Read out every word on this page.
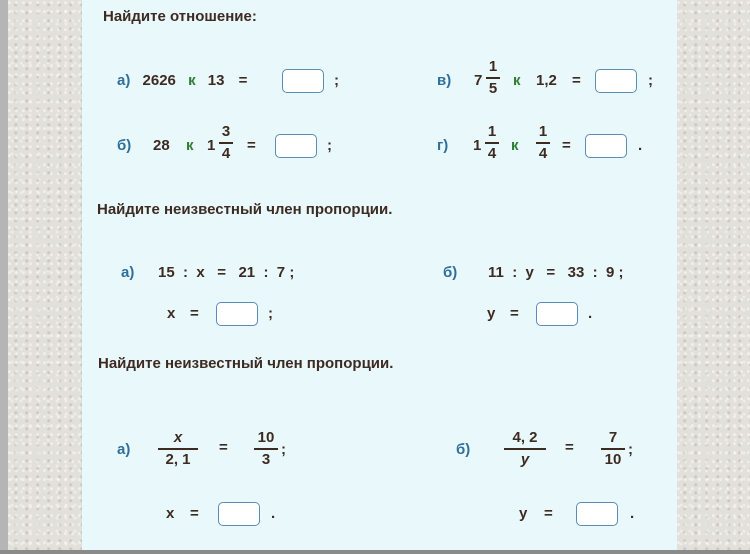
Найдите отношение:
а) 2626 к 13 =	;	в) 7
1
5 к 1,2 =	;
б) 28 к 1
3
4 =	;	г) 1
1
4 к
1
4 =	.
Найдите неизвестный член пропорции.
а) 15  :  x   =   21  :  7 ;	б) 11  :  y   =   33  :  9 ;
x =	;	y =	.
Найдите неизвестный член пропорции.
а)
x
2, 1
=
10
3
;
x =	.
б)
4, 2
y
=
7
10
;
y =	.
